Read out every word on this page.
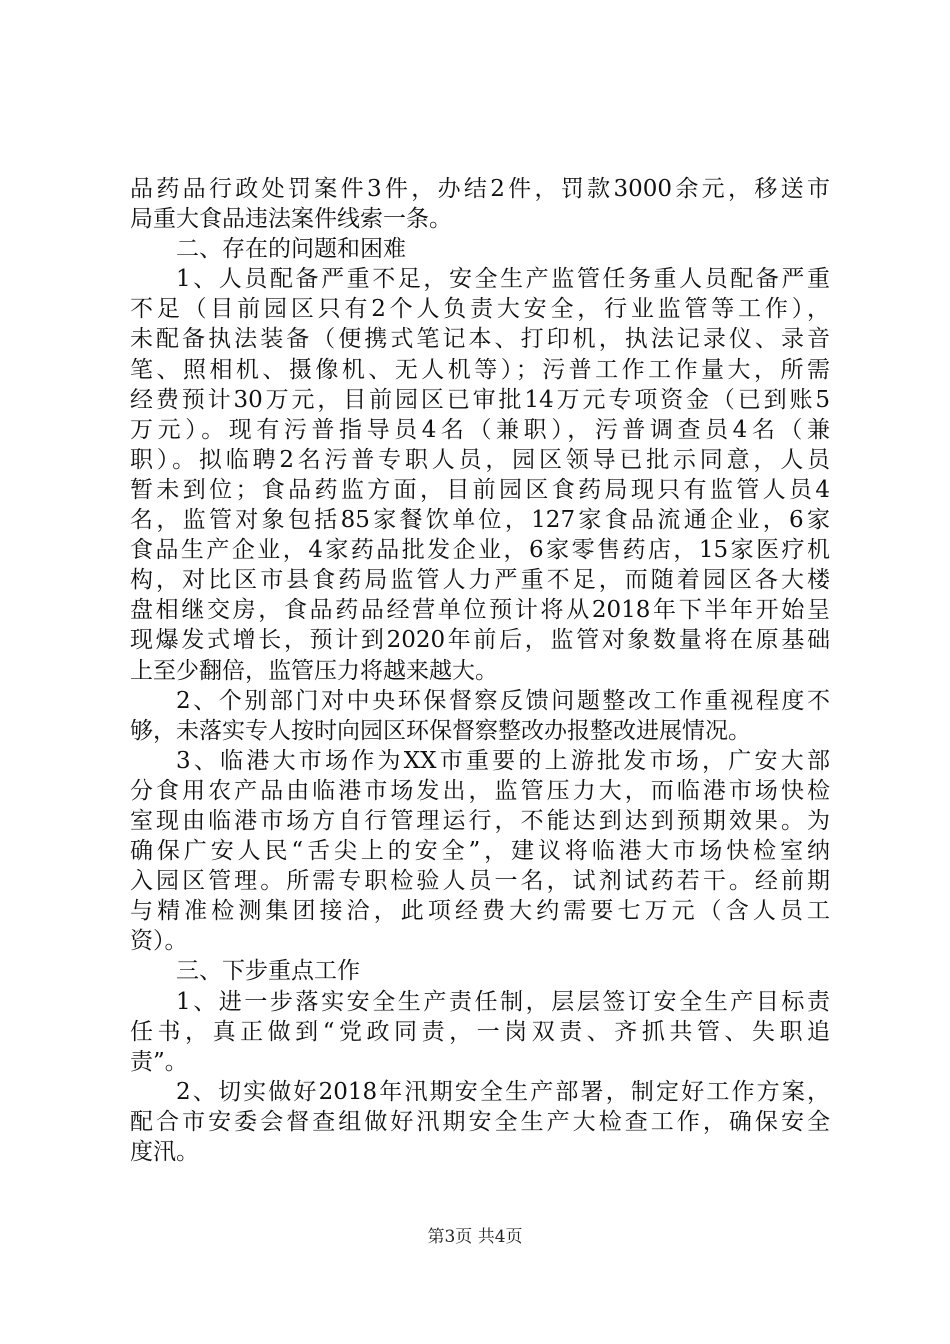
品药品行政处罚案件3件，办结2件，罚款3000余元，移送市
局重大食品违法案件线索一条。
二、存在的问题和困难
1、人员配备严重不足，安全生产监管任务重人员配备严重
不足（目前园区只有2个人负责大安全，行业监管等工作），
未配备执法装备（便携式笔记本、打印机，执法记录仪、录音
笔、照相机、摄像机、无人机等）；污普工作工作量大，所需
经费预计30万元，目前园区已审批14万元专项资金（已到账5
万元）。现有污普指导员4名（兼职），污普调查员4名（兼
职）。拟临聘2名污普专职人员，园区领导已批示同意，人员
暂未到位；食品药监方面，目前园区食药局现只有监管人员4
名，监管对象包括85家餐饮单位，127家食品流通企业，6家
食品生产企业，4家药品批发企业，6家零售药店，15家医疗机
构，对比区市县食药局监管人力严重不足，而随着园区各大楼
盘相继交房，食品药品经营单位预计将从2018年下半年开始呈
现爆发式增长，预计到2020年前后，监管对象数量将在原基础
上至少翻倍，监管压力将越来越大。
2、个别部门对中央环保督察反馈问题整改工作重视程度不
够，未落实专人按时向园区环保督察整改办报整改进展情况。
3、临港大市场作为XX市重要的上游批发市场，广安大部
分食用农产品由临港市场发出，监管压力大，而临港市场快检
室现由临港市场方自行管理运行，不能达到达到预期效果。为
确保广安人民“舌尖上的安全”，建议将临港大市场快检室纳
入园区管理。所需专职检验人员一名，试剂试药若干。经前期
与精准检测集团接洽，此项经费大约需要七万元（含人员工
资）。
三、下步重点工作
1、进一步落实安全生产责任制，层层签订安全生产目标责
任书，真正做到“党政同责，一岗双责、齐抓共管、失职追
责”。
2、切实做好2018年汛期安全生产部署，制定好工作方案，
配合市安委会督查组做好汛期安全生产大检查工作，确保安全
度汛。
第3页 共4页
